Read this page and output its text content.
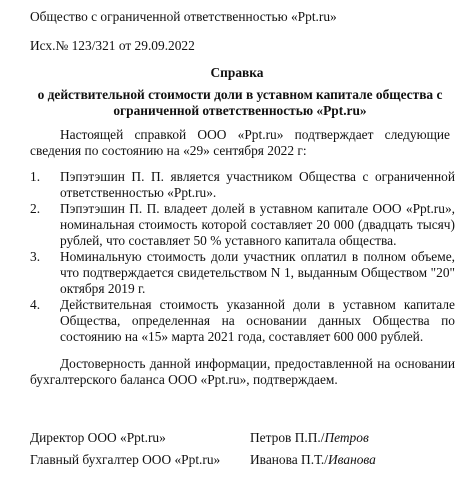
Общество с ограниченной ответственностью «Ppt.ru»
Исх.№ 123/321 от 29.09.2022
Справка
о действительной стоимости доли в уставном капитале общества с ограниченной ответственностью «Ppt.ru»
Настоящей справкой ООО «Ppt.ru» подтверждает следующие сведения по состоянию на «29» сентября 2022 г:
1. Пэпэтэшин П. П. является участником Общества с ограниченной ответственностью «Ppt.ru».
2. Пэпэтэшин П. П. владеет долей в уставном капитале ООО «Ppt.ru», номинальная стоимость которой составляет 20 000 (двадцать тысяч) рублей, что составляет 50 % уставного капитала общества.
3. Номинальную стоимость доли участник оплатил в полном объеме, что подтверждается свидетельством N 1, выданным Обществом "20" октября 2019 г.
4. Действительная стоимость указанной доли в уставном капитале Общества, определенная на основании данных Общества по состоянию на «15» марта 2021 года, составляет 600 000 рублей.
Достоверность данной информации, предоставленной на основании бухгалтерского баланса ООО «Ppt.ru», подтверждаем.
Директор ООО «Ppt.ru»	Петров П.П./Петров
Главный бухгалтер ООО «Ppt.ru» Иванова П.Т./Иванова
